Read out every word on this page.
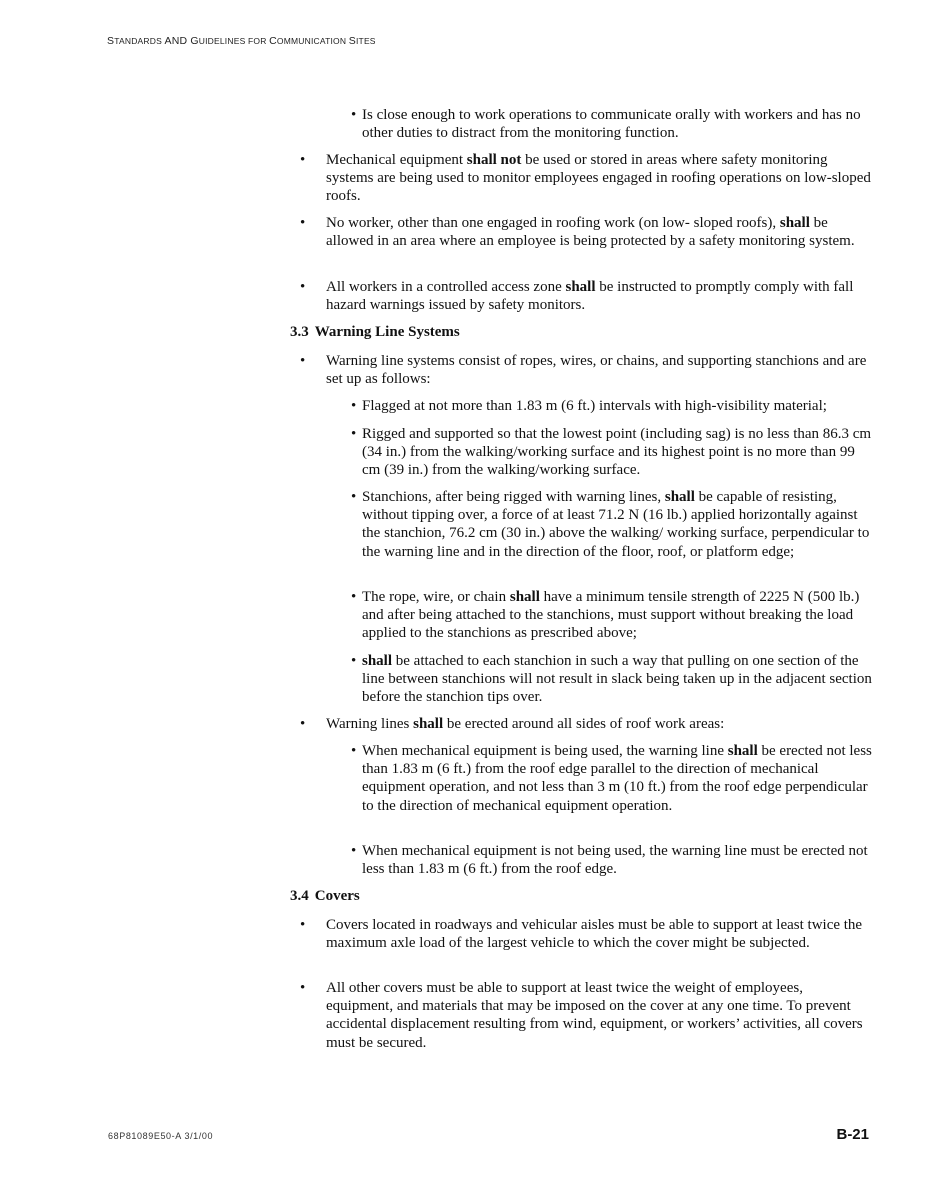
STANDARDS AND GUIDELINES FOR COMMUNICATION SITES
• Is close enough to work operations to communicate orally with workers and has no other duties to distract from the monitoring function.
• Mechanical equipment shall not be used or stored in areas where safety monitoring systems are being used to monitor employees engaged in roofing operations on low-sloped roofs.
• No worker, other than one engaged in roofing work (on low- sloped roofs), shall be allowed in an area where an employee is being protected by a safety monitoring system.
• All workers in a controlled access zone shall be instructed to promptly comply with fall hazard warnings issued by safety monitors.
3.3 Warning Line Systems
• Warning line systems consist of ropes, wires, or chains, and supporting stanchions and are set up as follows:
• Flagged at not more than 1.83 m (6 ft.) intervals with high-visibility material;
• Rigged and supported so that the lowest point (including sag) is no less than 86.3 cm (34 in.) from the walking/working surface and its highest point is no more than 99 cm (39 in.) from the walking/working surface.
• Stanchions, after being rigged with warning lines, shall be capable of resisting, without tipping over, a force of at least 71.2 N (16 lb.) applied horizontally against the stanchion, 76.2 cm (30 in.) above the walking/ working surface, perpendicular to the warning line and in the direction of the floor, roof, or platform edge;
• The rope, wire, or chain shall have a minimum tensile strength of 2225 N (500 lb.) and after being attached to the stanchions, must support without breaking the load applied to the stanchions as prescribed above;
• shall be attached to each stanchion in such a way that pulling on one section of the line between stanchions will not result in slack being taken up in the adjacent section before the stanchion tips over.
• Warning lines shall be erected around all sides of roof work areas:
• When mechanical equipment is being used, the warning line shall be erected not less than 1.83 m (6 ft.) from the roof edge parallel to the direction of mechanical equipment operation, and not less than 3 m (10 ft.) from the roof edge perpendicular to the direction of mechanical equipment operation.
• When mechanical equipment is not being used, the warning line must be erected not less than 1.83 m (6 ft.) from the roof edge.
3.4 Covers
• Covers located in roadways and vehicular aisles must be able to support at least twice the maximum axle load of the largest vehicle to which the cover might be subjected.
• All other covers must be able to support at least twice the weight of employees, equipment, and materials that may be imposed on the cover at any one time. To prevent accidental displacement resulting from wind, equipment, or workers’ activities, all covers must be secured.
68P81089E50-A 3/1/00	B-21
